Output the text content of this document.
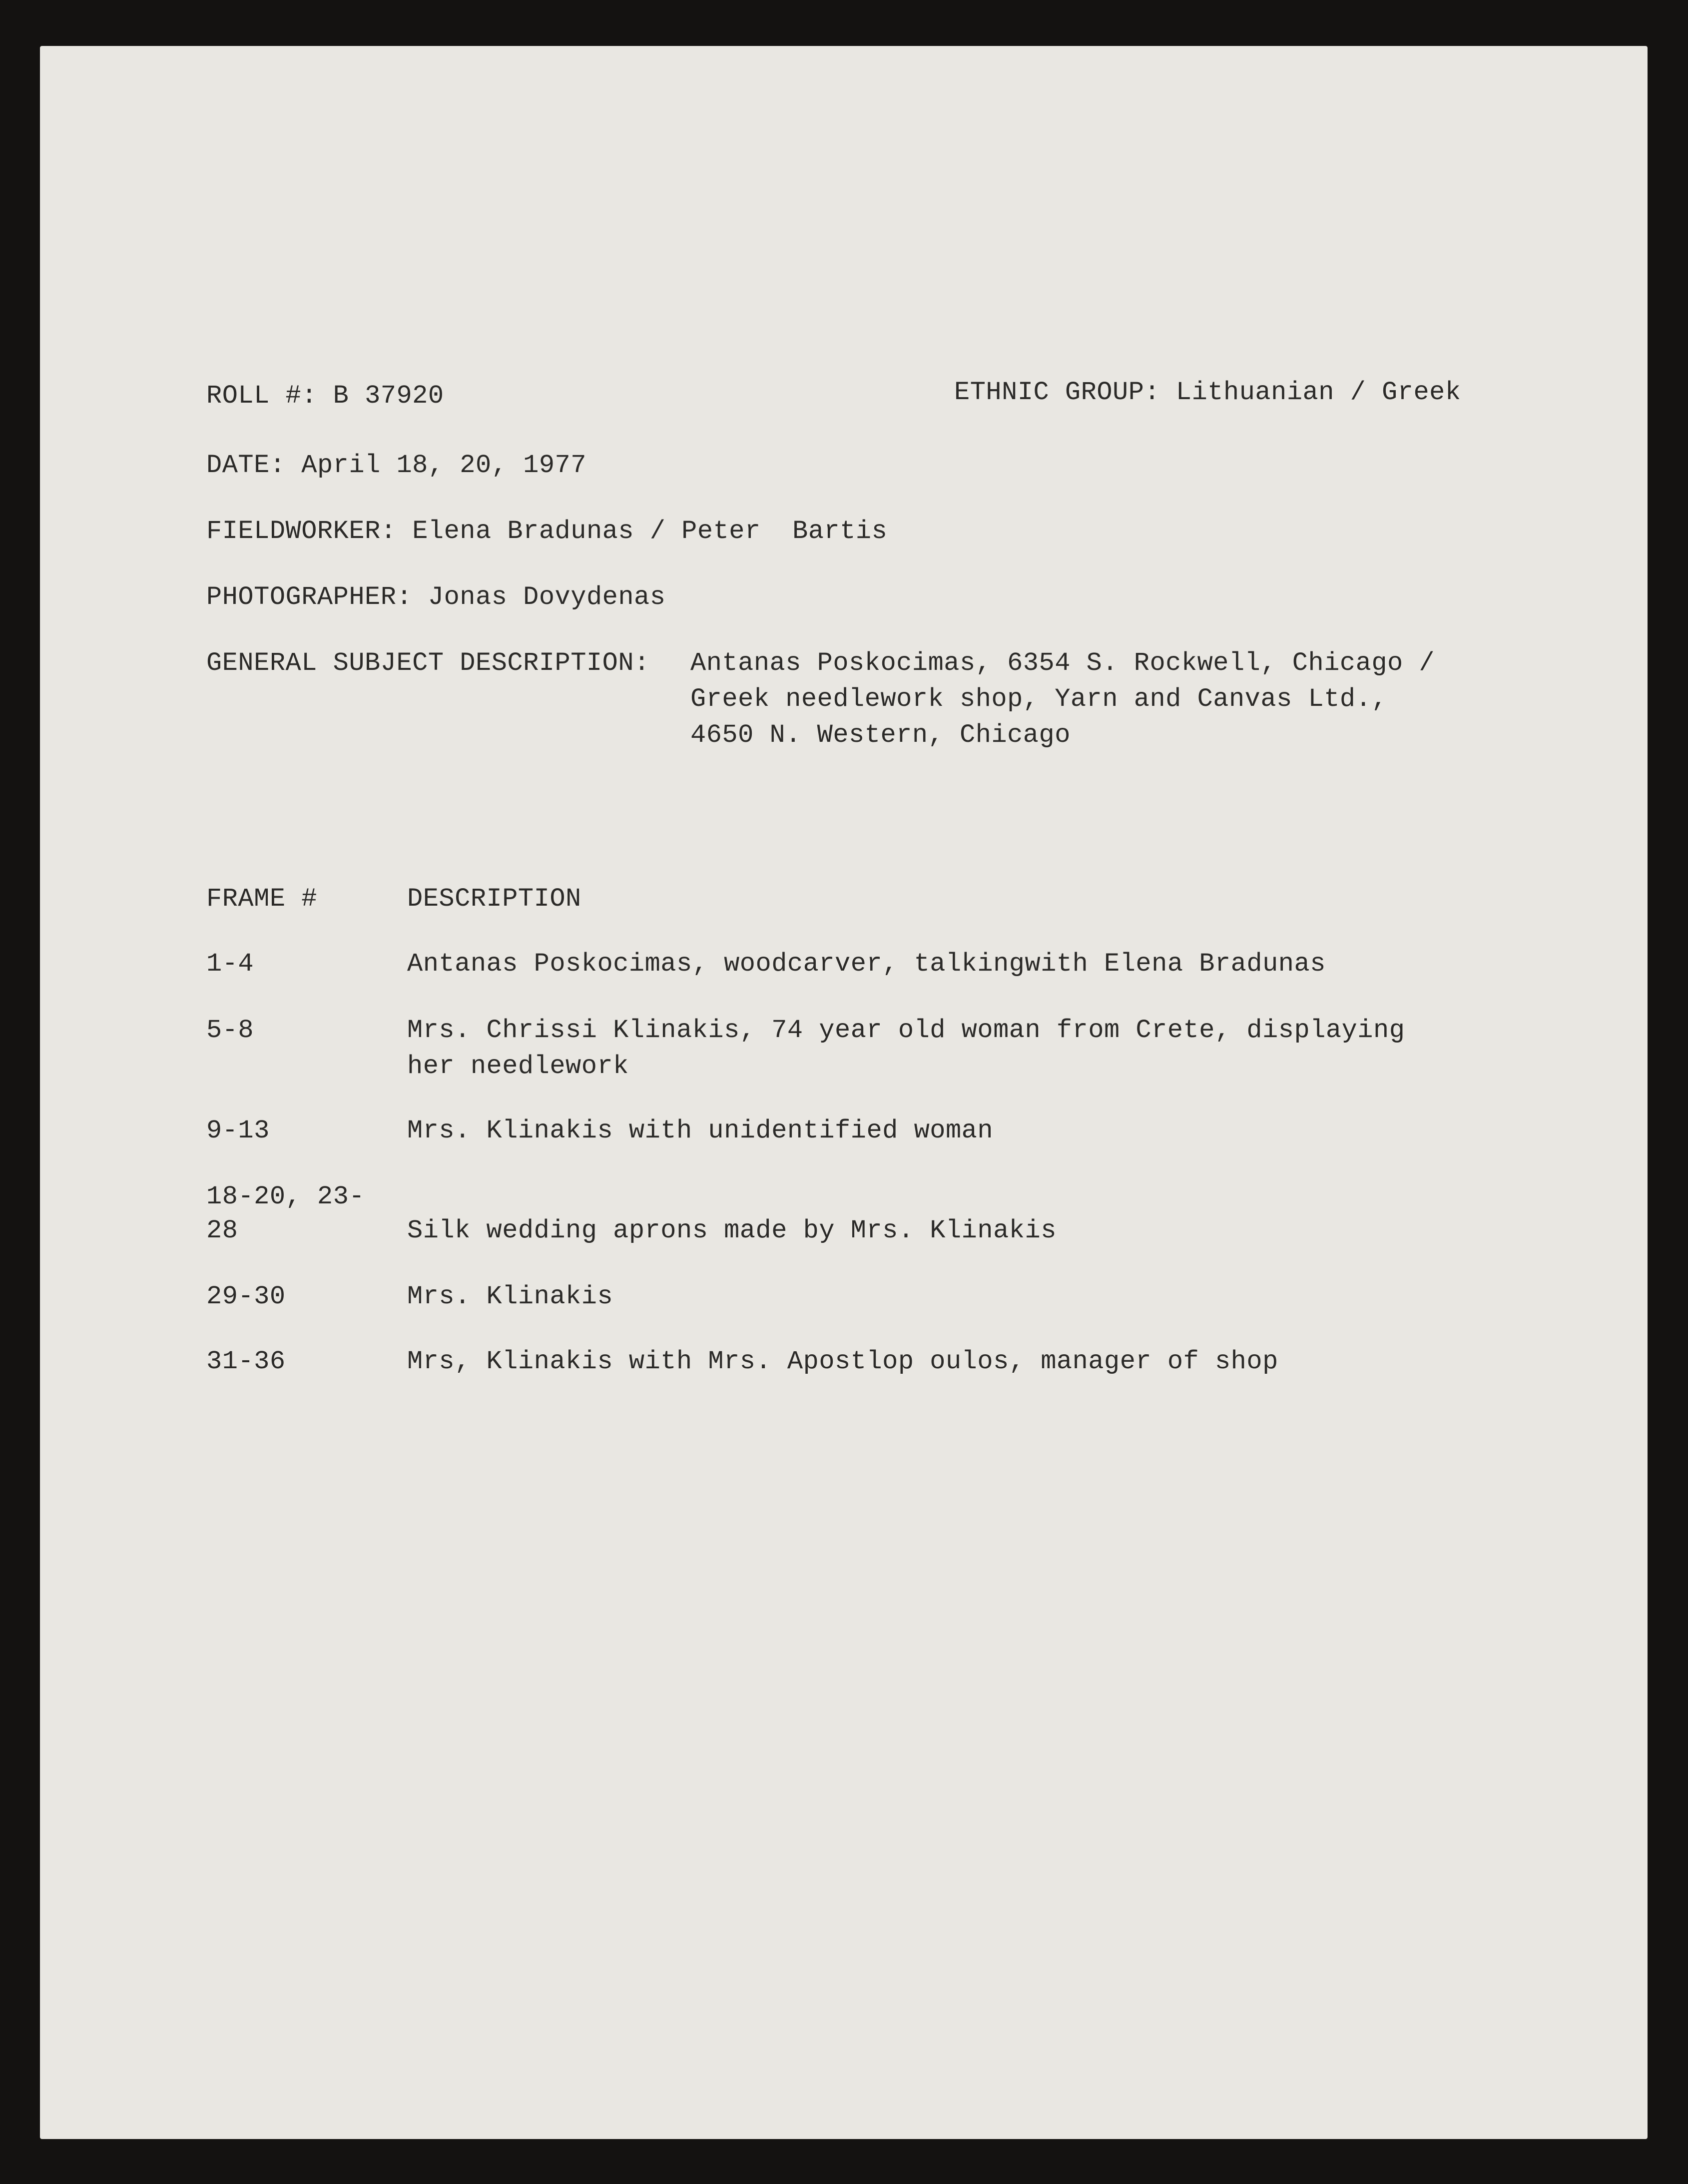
ROLL #: B 37920	ETHNIC GROUP: Lithuanian / Greek
DATE: April 18, 20, 1977
FIELDWORKER: Elena Bradunas / Peter  Bartis
PHOTOGRAPHER: Jonas Dovydenas
GENERAL SUBJECT DESCRIPTION: Antanas Poskocimas, 6354 S. Rockwell, Chicago /
Greek needlework shop, Yarn and Canvas Ltd.,
4650 N. Western, Chicago
FRAME #	DESCRIPTION
1-4	Antanas Poskocimas, woodcarver, talkingwith Elena Bradunas
5-8	Mrs. Chrissi Klinakis, 74 year old woman from Crete, displaying
her needlework
9-13	Mrs. Klinakis with unidentified woman
18-20, 23-
28	Silk wedding aprons made by Mrs. Klinakis
29-30	Mrs. Klinakis
31-36	Mrs, Klinakis with Mrs. Apostlop oulos, manager of shop
